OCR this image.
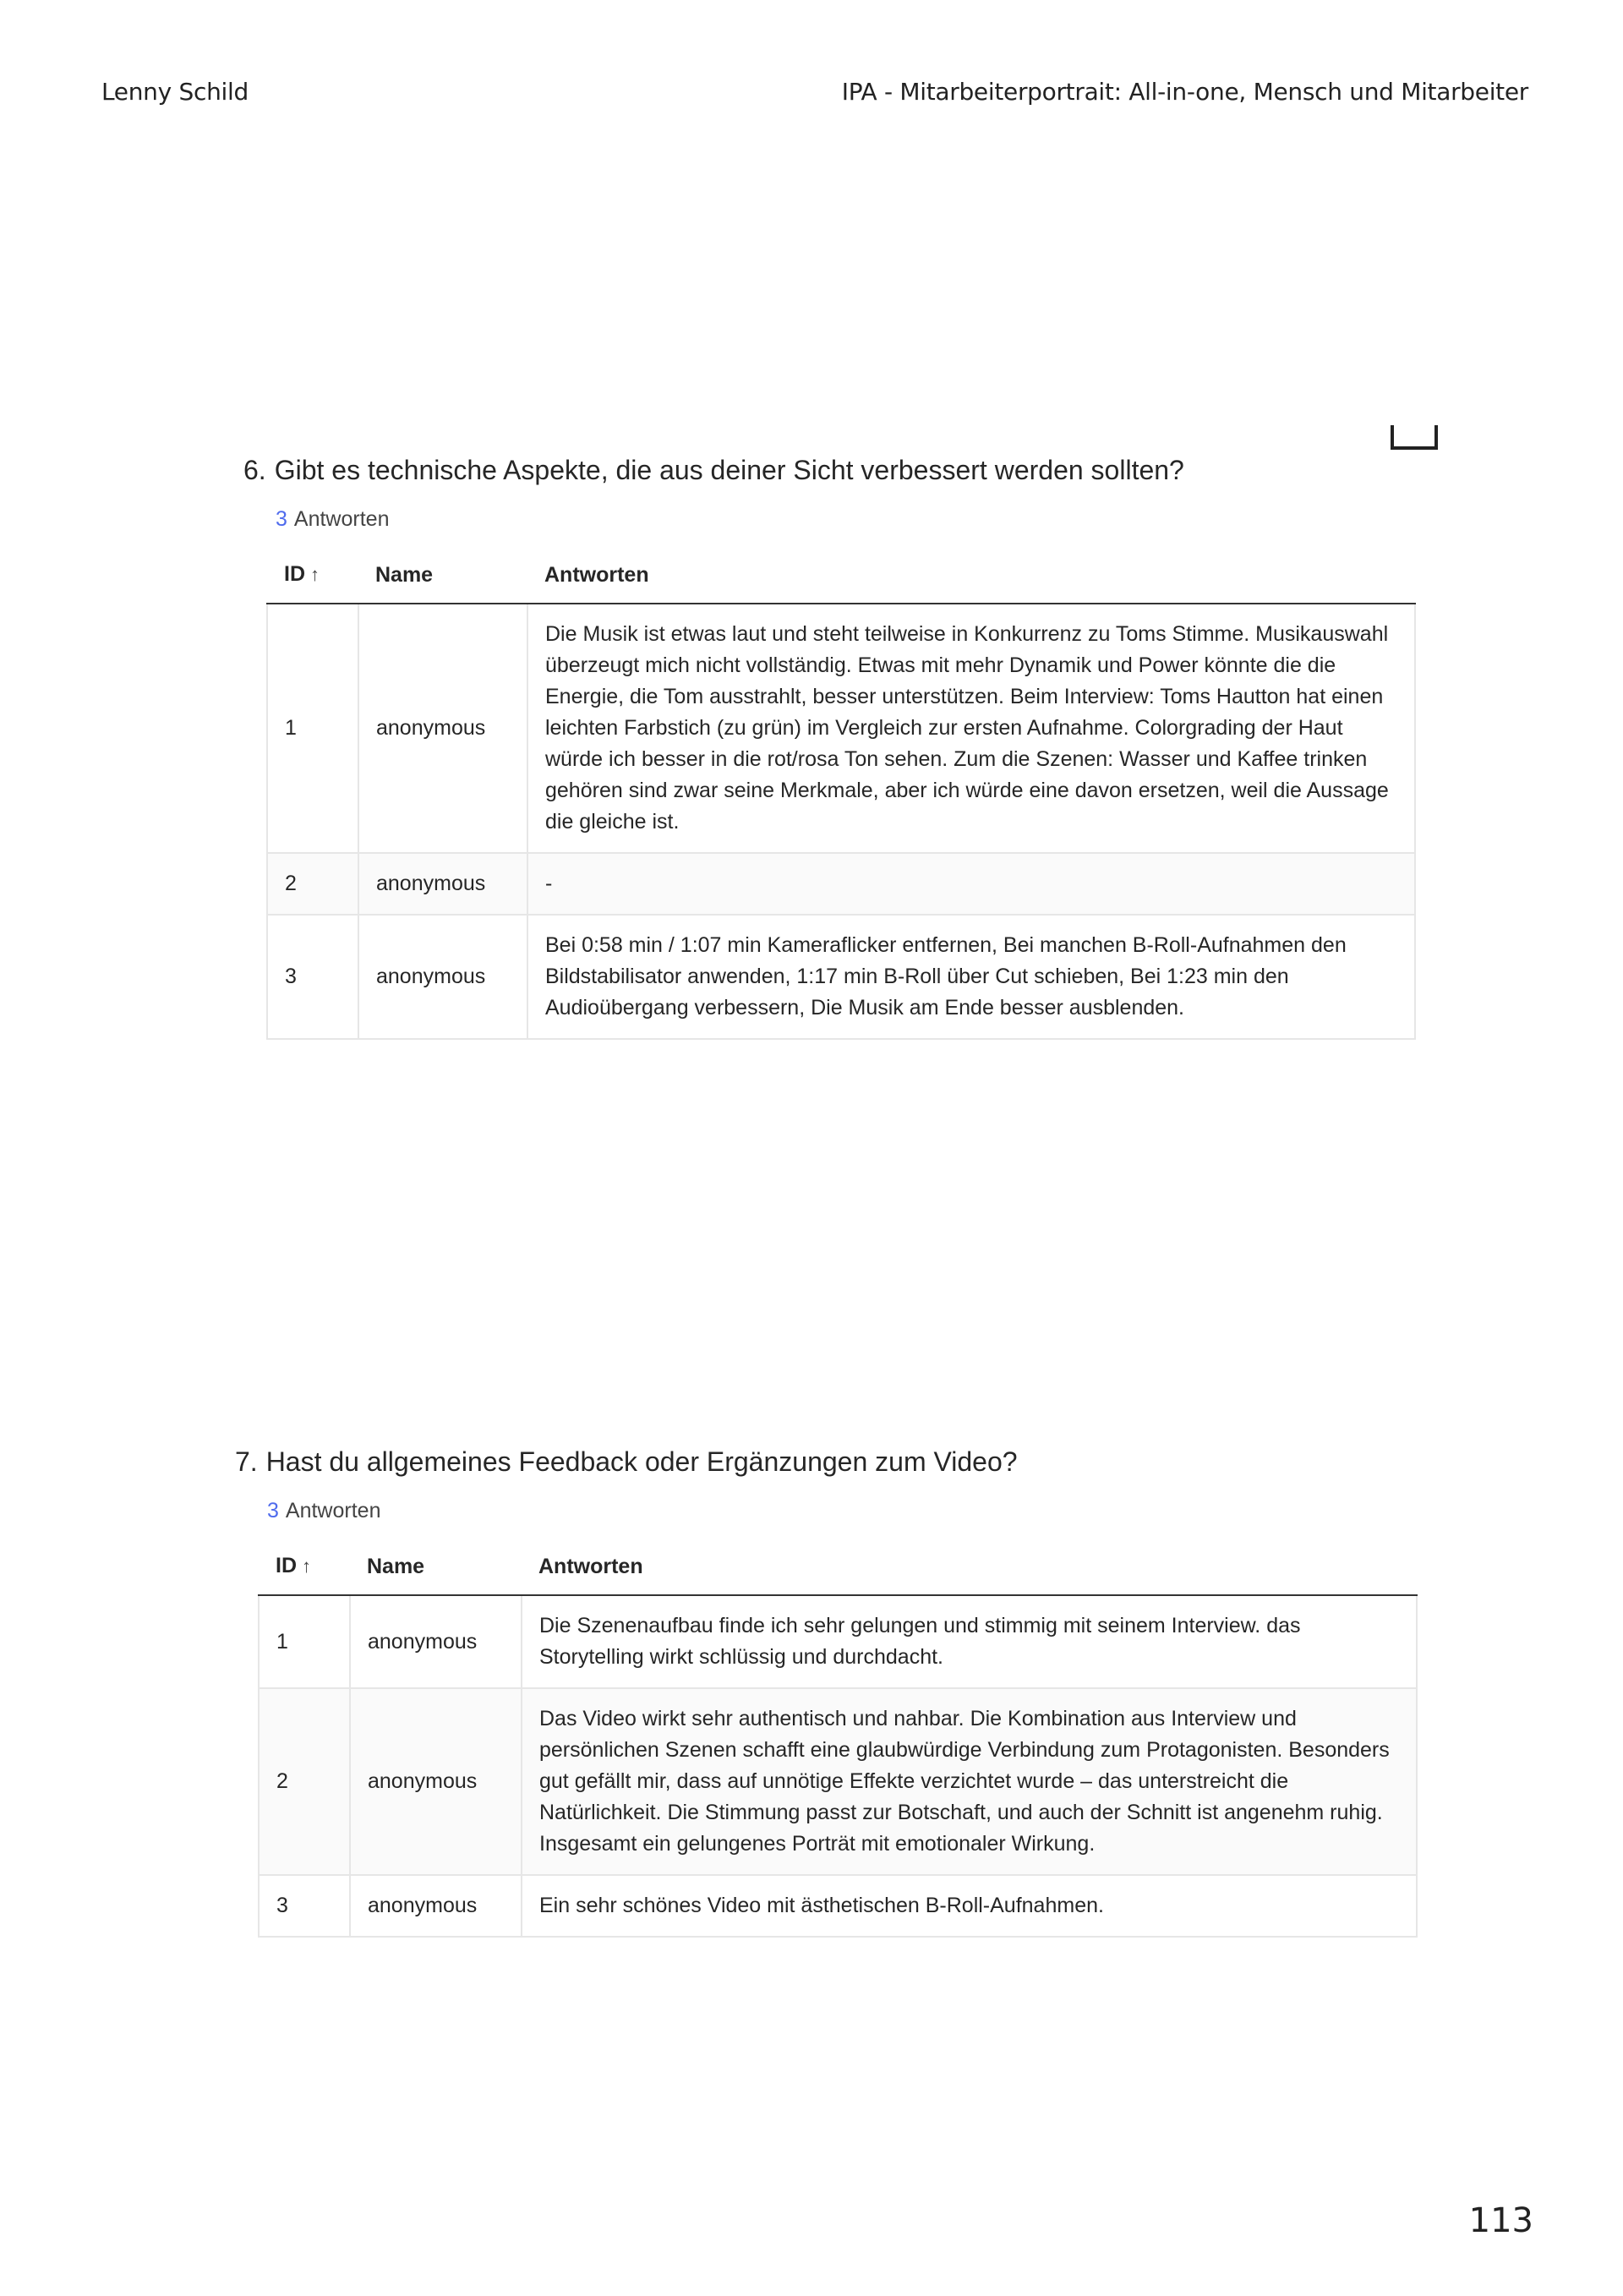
Lenny Schild	IPA - Mitarbeiterportrait: All-in-one, Mensch und Mitarbeiter

6. Gibt es technische Aspekte, die aus deiner Sicht verbessert werden sollten?

3 Antworten
ID ↑	Name	Antworten
1	anonymous	Die Musik ist etwas laut und steht teilweise in Konkurrenz zu Toms Stimme. Musikauswahl überzeugt mich nicht vollständig. Etwas mit mehr Dynamik und Power könnte die die Energie, die Tom ausstrahlt, besser unterstützen. Beim Interview: Toms Hautton hat einen leichten Farbstich (zu grün) im Vergleich zur ersten Aufnahme. Colorgrading der Haut würde ich besser in die rot/rosa Ton sehen. Zum die Szenen: Wasser und Kaffee trinken gehören sind zwar seine Merkmale, aber ich würde eine davon ersetzen, weil die Aussage die gleiche ist.
2	anonymous	-
3	anonymous	Bei 0:58 min / 1:07 min Kameraflicker entfernen, Bei manchen B-Roll-Aufnahmen den Bildstabilisator anwenden, 1:17 min B-Roll über Cut schieben, Bei 1:23 min den Audioübergang verbessern, Die Musik am Ende besser ausblenden.

7. Hast du allgemeines Feedback oder Ergänzungen zum Video?

3 Antworten
ID ↑	Name	Antworten
1	anonymous	Die Szenenaufbau finde ich sehr gelungen und stimmig mit seinem Interview. das Storytelling wirkt schlüssig und durchdacht.
2	anonymous	Das Video wirkt sehr authentisch und nahbar. Die Kombination aus Interview und persönlichen Szenen schafft eine glaubwürdige Verbindung zum Protagonisten. Besonders gut gefällt mir, dass auf unnötige Effekte verzichtet wurde – das unterstreicht die Natürlichkeit. Die Stimmung passt zur Botschaft, und auch der Schnitt ist angenehm ruhig. Insgesamt ein gelungenes Porträt mit emotionaler Wirkung.
3	anonymous	Ein sehr schönes Video mit ästhetischen B-Roll-Aufnahmen.
113
